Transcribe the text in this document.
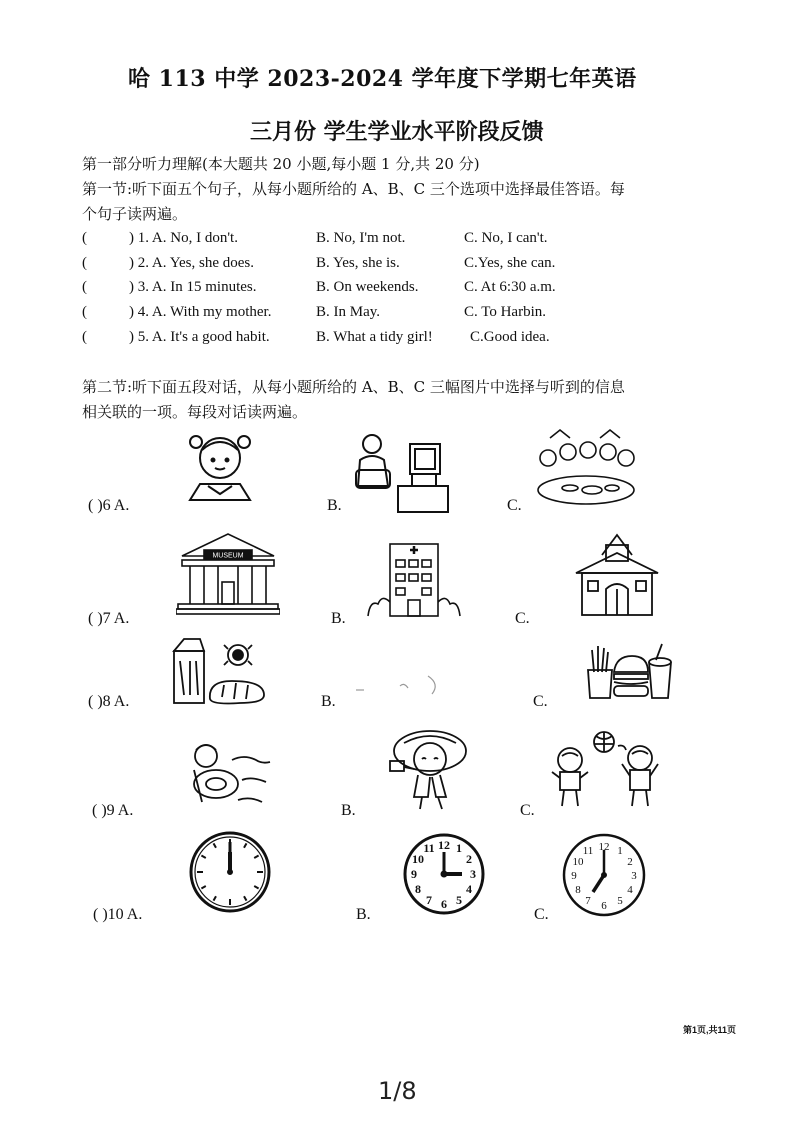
哈 113 中学 2023-2024 学年度下学期七年英语
三月份 学生学业水平阶段反馈
第一部分听力理解(本大题共 20 小题,每小题 1 分,共 20 分)
第一节:听下面五个句子，从每小题所给的 A、B、C 三个选项中选择最佳答语。每
个句子读两遍。
(	) 1. A. No, I don't.	B. No, I'm not.	C. No, I can't.
(	) 2. A. Yes, she does.	B. Yes, she is.	C.Yes, she can.
(	) 3. A. In 15 minutes.	B. On weekends.	C. At 6:30 a.m.
(	) 4. A. With my mother.	B. In May.	C. To Harbin.
(	) 5. A. It's a good habit.	B. What a tidy girl! C.Good idea.
第二节:听下面五段对话，从每小题所给的 A、B、C 三幅图片中选择与听到的信息
相关联的一项。每段对话读两遍。
( )6 A.	B.	C.
( )7 A.
MUSEUM
B.	C.
( )8 A.	B.	C.
( )9 A.	B.	C.
( )10 A.	B.
12 1
2
3
4
5
6
7
8
9
10
11
C.
12 1
2
3
4
5
6
7
8
9
10
11
第1页,共11页
1/8
